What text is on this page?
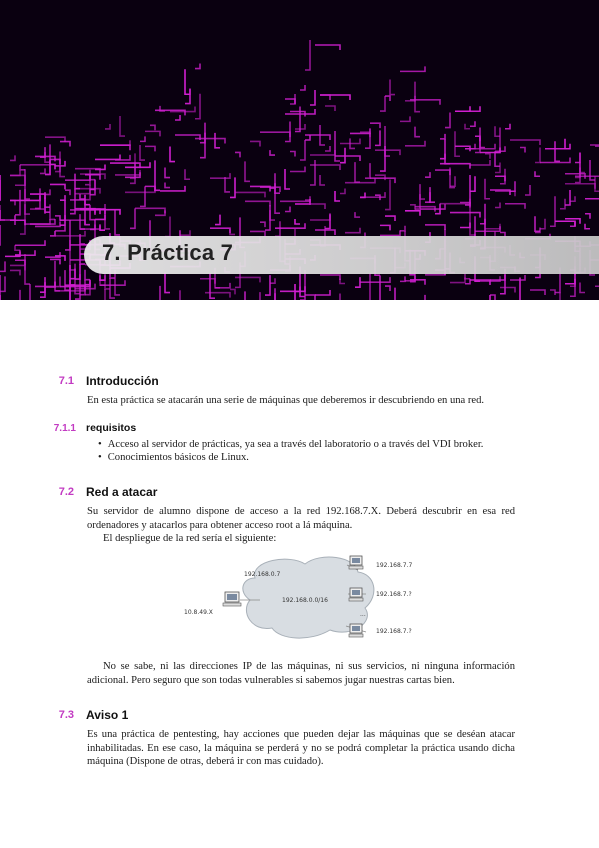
7. Práctica 7
7.1 Introducción
En esta práctica se atacarán una serie de máquinas que deberemos ir descubriendo en una red.
7.1.1 requisitos
• Acceso al servidor de prácticas, ya sea a través del laboratorio o a través del VDI broker.
• Conocimientos básicos de Linux.
7.2 Red a atacar
Su servidor de alumno dispone de acceso a la red 192.168.7.X. Deberá descubrir en esa red ordenadores y atacarlos para obtener acceso root a lá máquina.
El despliegue de la red sería el siguiente:
192.168.0.0/16
192.168.0.7
10.8.49.X
192.168.7.7
192.168.7.?
...
192.168.7.?
No se sabe, ni las direcciones IP de las máquinas, ni sus servicios, ni ninguna información adicional. Pero seguro que son todas vulnerables si sabemos jugar nuestras cartas bien.
7.3 Aviso 1
Es una práctica de pentesting, hay acciones que pueden dejar las máquinas que se deséan atacar inhabilitadas. En ese caso, la máquina se perderá y no se podrá completar la práctica usando dicha máquina (Dispone de otras, deberá ir con mas cuidado).
